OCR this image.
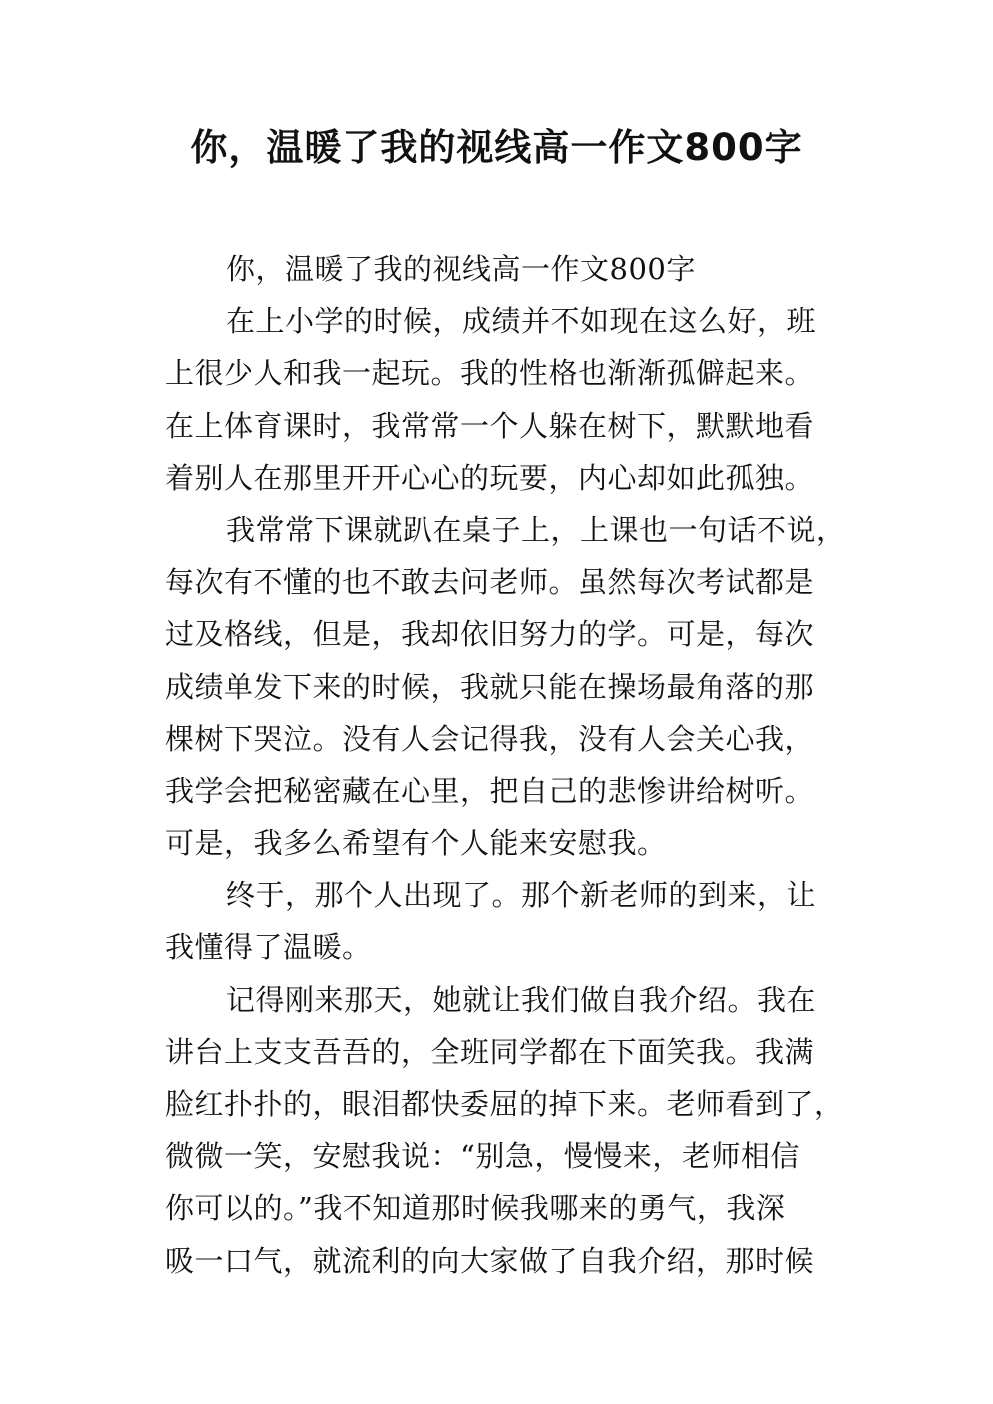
你，温暖了我的视线高一作文800字
你，温暖了我的视线高一作文800字
在上小学的时候，成绩并不如现在这么好，班
上很少人和我一起玩。我的性格也渐渐孤僻起来。
在上体育课时，我常常一个人躲在树下，默默地看
着别人在那里开开心心的玩要，内心却如此孤独。
我常常下课就趴在桌子上，上课也一句话不说，
每次有不懂的也不敢去问老师。虽然每次考试都是
过及格线，但是，我却依旧努力的学。可是，每次
成绩单发下来的时候，我就只能在操场最角落的那
棵树下哭泣。没有人会记得我，没有人会关心我，
我学会把秘密藏在心里，把自己的悲惨讲给树听。
可是，我多么希望有个人能来安慰我。
终于，那个人出现了。那个新老师的到来，让
我懂得了温暖。
记得刚来那天，她就让我们做自我介绍。我在
讲台上支支吾吾的，全班同学都在下面笑我。我满
脸红扑扑的，眼泪都快委屈的掉下来。老师看到了，
微微一笑，安慰我说：“别急，慢慢来，老师相信
你可以的。”我不知道那时候我哪来的勇气，我深
吸一口气，就流利的向大家做了自我介绍，那时候
